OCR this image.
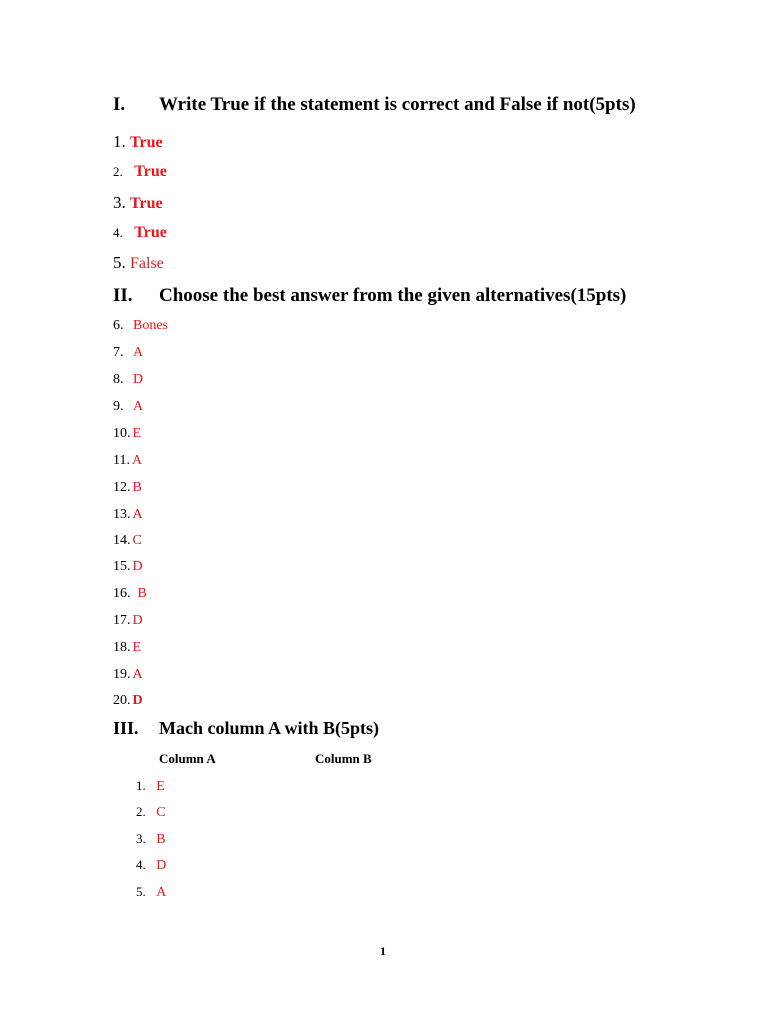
I. Write True if the statement is correct and False if not(5pts)
1. True
2. True
3. True
4. True
5. False
II. Choose the best answer from the given alternatives(15pts)
6. Bones
7. A
8. D
9. A
10. E
11. A
12. B
13. A
14. C
15. D
16. B
17. D
18. E
19. A
20. D
III. Mach column A with B(5pts)
Column A	Column B
1. E
2. C
3. B
4. D
5. A
1
